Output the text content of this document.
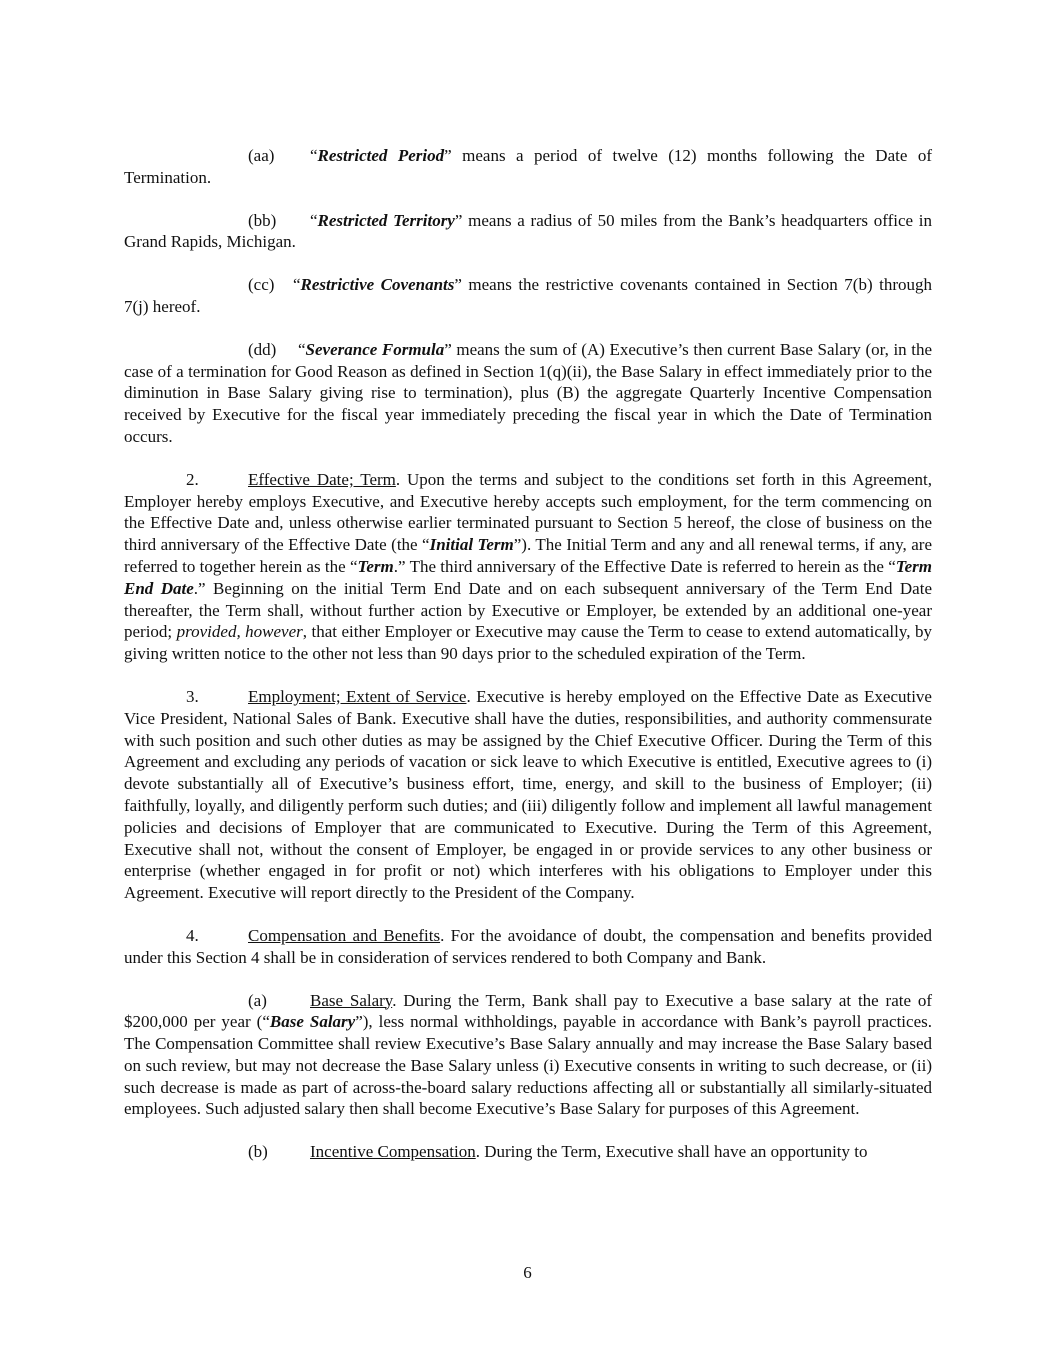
(aa) “Restricted Period” means a period of twelve (12) months following the Date of Termination.

(bb) “Restricted Territory” means a radius of 50 miles from the Bank’s headquarters office in Grand Rapids, Michigan.

(cc) “Restrictive Covenants” means the restrictive covenants contained in Section 7(b) through 7(j) hereof.

(dd) “Severance Formula” means the sum of (A) Executive’s then current Base Salary (or, in the case of a termination for Good Reason as defined in Section 1(q)(ii), the Base Salary in effect immediately prior to the diminution in Base Salary giving rise to termination), plus (B) the aggregate Quarterly Incentive Compensation received by Executive for the fiscal year immediately preceding the fiscal year in which the Date of Termination occurs.

2.	Effective Date; Term. Upon the terms and subject to the conditions set forth in this Agreement, Employer hereby employs Executive, and Executive hereby accepts such employment, for the term commencing on the Effective Date and, unless otherwise earlier terminated pursuant to Section 5 hereof, the close of business on the third anniversary of the Effective Date (the “Initial Term”). The Initial Term and any and all renewal terms, if any, are referred to together herein as the “Term.” The third anniversary of the Effective Date is referred to herein as the “Term End Date.” Beginning on the initial Term End Date and on each subsequent anniversary of the Term End Date thereafter, the Term shall, without further action by Executive or Employer, be extended by an additional one-year period; provided, however, that either Employer or Executive may cause the Term to cease to extend automatically, by giving written notice to the other not less than 90 days prior to the scheduled expiration of the Term.

3.	Employment; Extent of Service. Executive is hereby employed on the Effective Date as Executive Vice President, National Sales of Bank. Executive shall have the duties, responsibilities, and authority commensurate with such position and such other duties as may be assigned by the Chief Executive Officer. During the Term of this Agreement and excluding any periods of vacation or sick leave to which Executive is entitled, Executive agrees to (i) devote substantially all of Executive’s business effort, time, energy, and skill to the business of Employer; (ii) faithfully, loyally, and diligently perform such duties; and (iii) diligently follow and implement all lawful management policies and decisions of Employer that are communicated to Executive. During the Term of this Agreement, Executive shall not, without the consent of Employer, be engaged in or provide services to any other business or enterprise (whether engaged in for profit or not) which interferes with his obligations to Employer under this Agreement. Executive will report directly to the President of the Company.

4.	Compensation and Benefits. For the avoidance of doubt, the compensation and benefits provided under this Section 4 shall be in consideration of services rendered to both Company and Bank.

(a)	Base Salary. During the Term, Bank shall pay to Executive a base salary at the rate of $200,000 per year (“Base Salary”), less normal withholdings, payable in accordance with Bank’s payroll practices. The Compensation Committee shall review Executive’s Base Salary annually and may increase the Base Salary based on such review, but may not decrease the Base Salary unless (i) Executive consents in writing to such decrease, or (ii) such decrease is made as part of across-the-board salary reductions affecting all or substantially all similarly-situated employees. Such adjusted salary then shall become Executive’s Base Salary for purposes of this Agreement.

(b) Incentive Compensation. During the Term, Executive shall have an opportunity to

6
